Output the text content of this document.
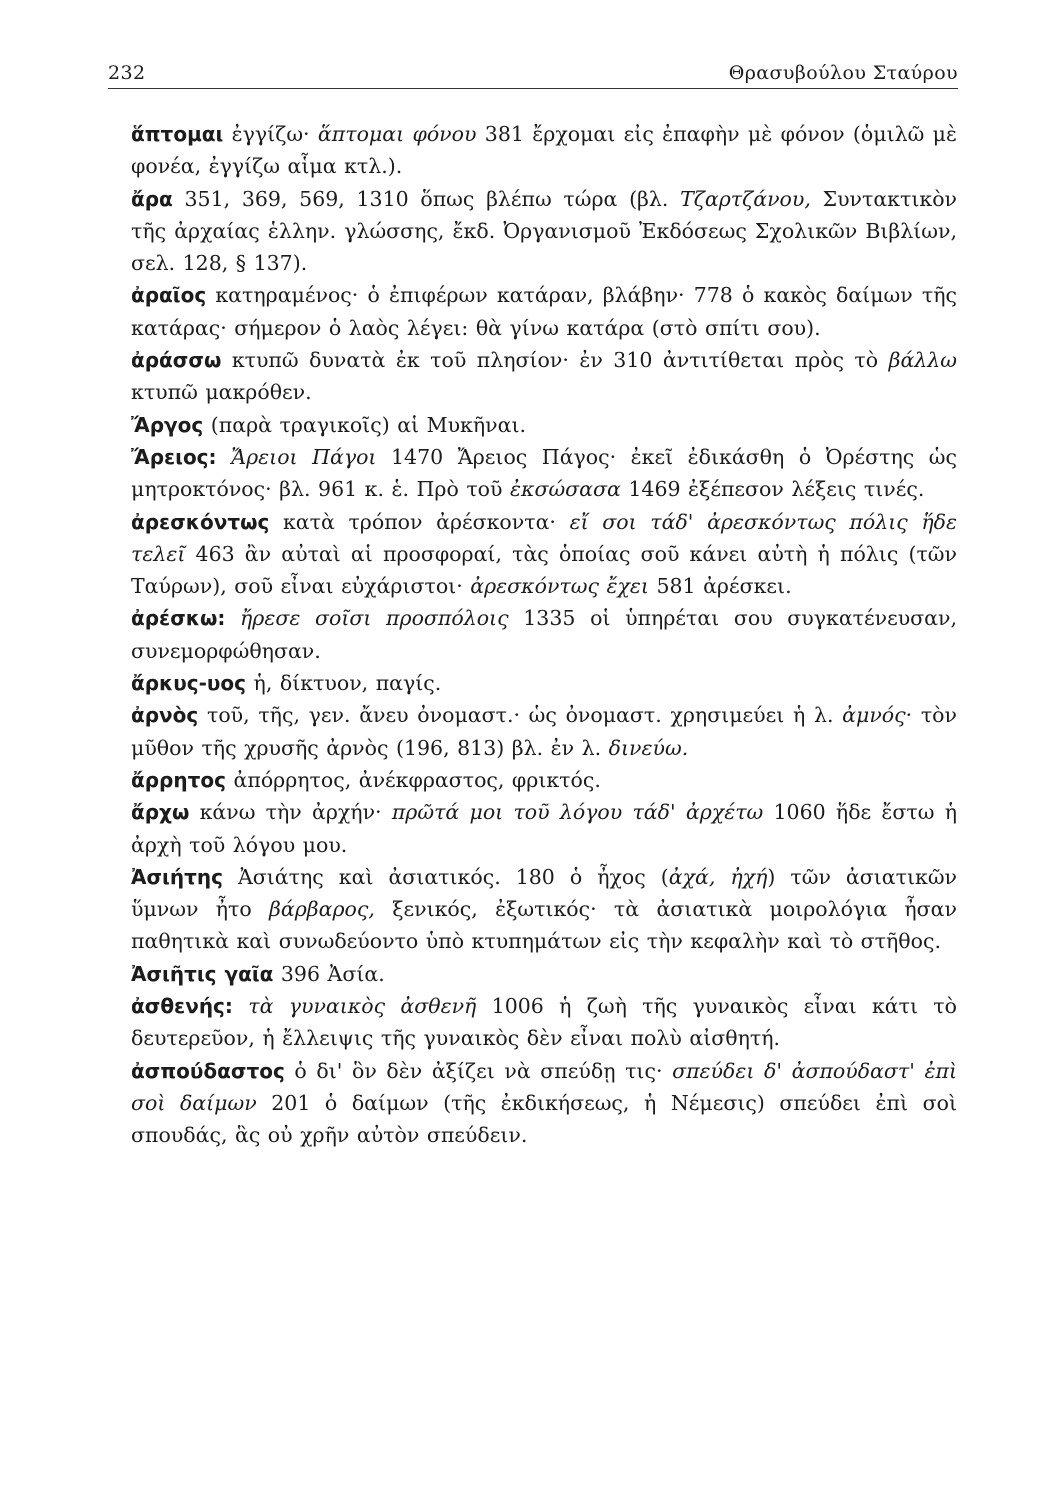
232	Θρασυβούλου Σταύρου

ἅπτομαι ἐγγίζω· ἅπτομαι φόνου 381 ἔρχομαι εἰς ἐπαφὴν μὲ φόνον (ὁμιλῶ μὲ φονέα, ἐγγίζω αἷμα κτλ.).

ἄρα 351, 369, 569, 1310 ὅπως βλέπω τώρα (βλ. Τζαρτζάνου, Συντακτικὸν τῆς ἀρχαίας ἑλλην. γλώσσης, ἔκδ. Ὀργανισμοῦ Ἐκδόσεως Σχολικῶν Βιβλίων, σελ. 128, § 137).

ἀραῖος κατηραμένος· ὁ ἐπιφέρων κατάραν, βλάβην· 778 ὁ κακὸς δαίμων τῆς κατάρας· σήμερον ὁ λαὸς λέγει: θὰ γίνω κατάρα (στὸ σπίτι σου).

ἀράσσω κτυπῶ δυνατὰ ἐκ τοῦ πλησίον· ἐν 310 ἀντιτίθεται πρὸς τὸ βάλλω κτυπῶ μακρόθεν.

Ἄργος (παρὰ τραγικοῖς) αἱ Μυκῆναι.

Ἄρειος: Ἄρειοι Πάγοι 1470 Ἄρειος Πάγος· ἐκεῖ ἐδικάσθη ὁ Ὀρέστης ὡς μητροκτόνος· βλ. 961 κ. ἑ. Πρὸ τοῦ ἐκσώσασα 1469 ἐξέπεσον λέξεις τινές.

ἀρεσκόντως κατὰ τρόπον ἀρέσκοντα· εἴ σοι τάδ' ἀρεσκόντως πόλις ἥδε τελεῖ 463 ἂν αὐταὶ αἱ προσφοραί, τὰς ὁποίας σοῦ κάνει αὐτὴ ἡ πόλις (τῶν Ταύρων), σοῦ εἶναι εὐχάριστοι· ἀρεσκόντως ἔχει 581 ἀρέσκει.

ἀρέσκω: ἤρεσε σοῖσι προσπόλοις 1335 οἱ ὑπηρέται σου συγκατένευσαν, συνεμορφώθησαν.

ἄρκυς-υος ἡ, δίκτυον, παγίς.

ἀρνὸς τοῦ, τῆς, γεν. ἄνευ ὀνομαστ.· ὡς ὀνομαστ. χρησιμεύει ἡ λ. ἀμνός· τὸν μῦθον τῆς χρυσῆς ἀρνὸς (196, 813) βλ. ἐν λ. δινεύω.

ἄρρητος ἀπόρρητος, ἀνέκφραστος, φρικτός.

ἄρχω κάνω τὴν ἀρχήν· πρῶτά μοι τοῦ λόγου τάδ' ἀρχέτω 1060 ἥδε ἔστω ἡ ἀρχὴ τοῦ λόγου μου.

Ἀσιήτης Ἀσιάτης καὶ ἀσιατικός. 180 ὁ ἦχος (ἀχά, ἠχή) τῶν ἀσιατικῶν ὕμνων ἦτο βάρβαρος, ξενικός, ἐξωτικός· τὰ ἀσιατικὰ μοιρολόγια ἦσαν παθητικὰ καὶ συνωδεύοντο ὑπὸ κτυπημάτων εἰς τὴν κεφαλὴν καὶ τὸ στῆθος.

Ἀσιῆτις γαῖα 396 Ἀσία.

ἀσθενής: τὰ γυναικὸς ἀσθενῆ 1006 ἡ ζωὴ τῆς γυναικὸς εἶναι κάτι τὸ δευτερεῦον, ἡ ἔλλειψις τῆς γυναικὸς δὲν εἶναι πολὺ αἰσθητή.

ἀσπούδαστος ὁ δι' ὃν δὲν ἀξίζει νὰ σπεύδῃ τις· σπεύδει δ' ἀσπούδαστ' ἐπὶ σοὶ δαίμων 201 ὁ δαίμων (τῆς ἐκδικήσεως, ἡ Νέμεσις) σπεύδει ἐπὶ σοὶ σπουδάς, ἃς οὐ χρῆν αὐτὸν σπεύδειν.
